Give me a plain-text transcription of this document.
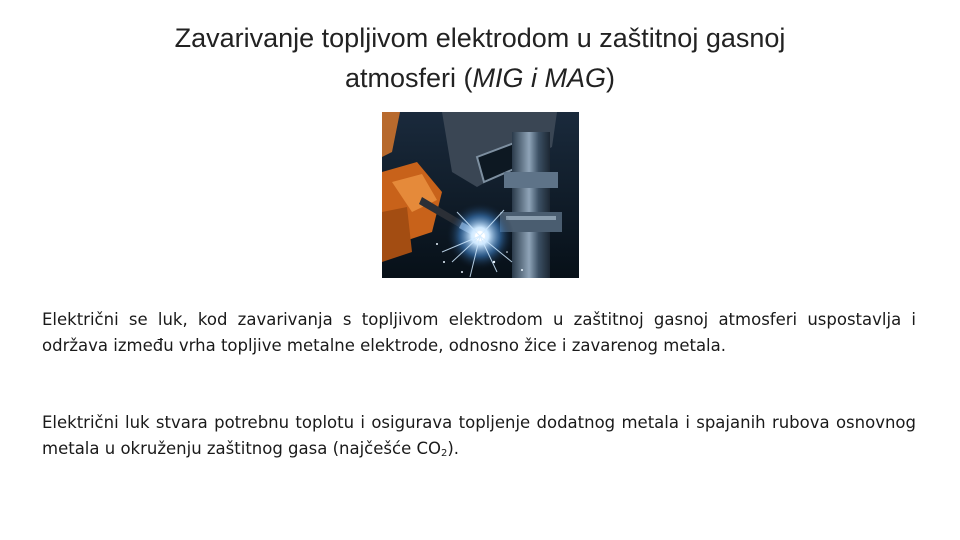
Zavarivanje topljivom elektrodom u zaštitnoj gasnoj
atmosferi (MIG i MAG)
Električni se luk, kod zavarivanja s topljivom elektrodom u zaštitnoj gasnoj atmosferi uspostavlja i održava između vrha topljive metalne elektrode, odnosno žice i zavarenog metala.
Električni luk stvara potrebnu toplotu i osigurava topljenje dodatnog metala i spajanih rubova osnovnog metala u okruženju zaštitnog gasa (najčešće $CO_2$).
